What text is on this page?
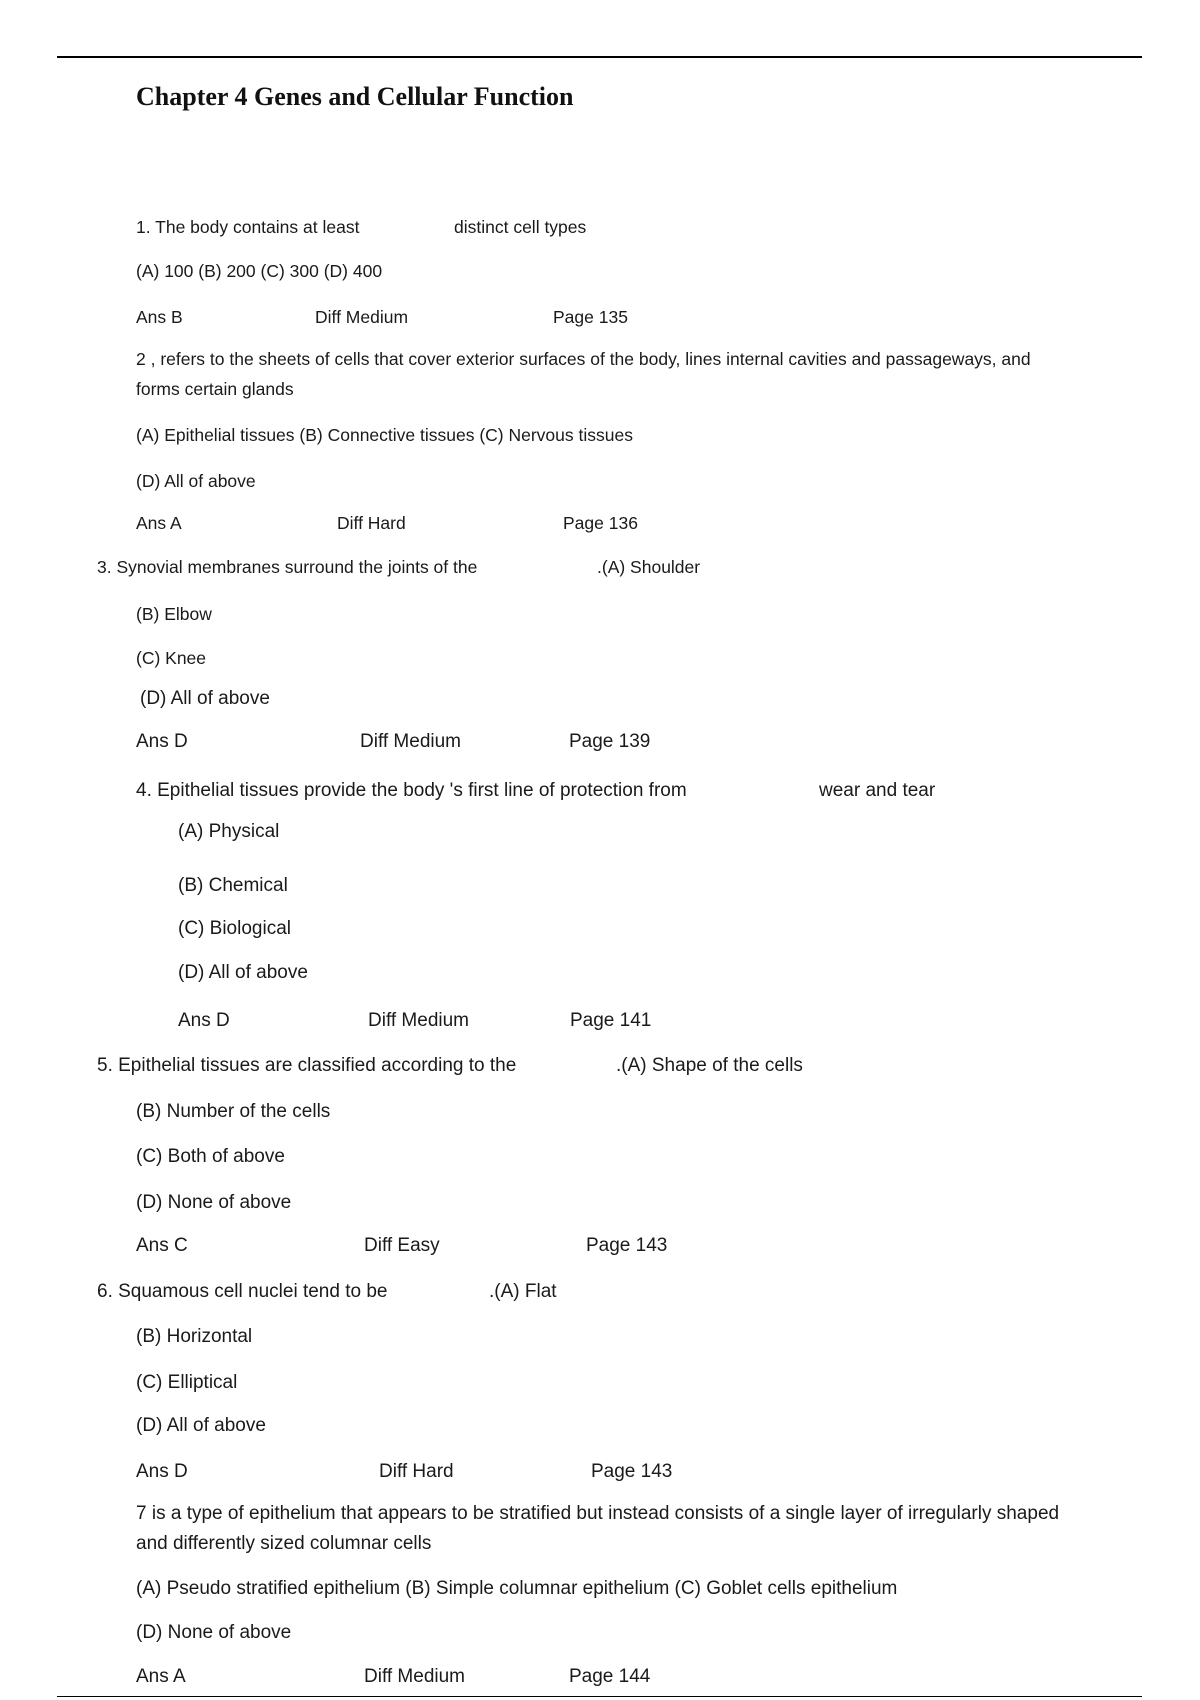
Chapter 4 Genes and Cellular Function
1. The body contains at least	distinct cell types
(A) 100 (B) 200 (C) 300 (D) 400
Ans B	Diff Medium	Page 135
2 , refers to the sheets of cells that cover exterior surfaces of the body, lines internal cavities and passageways, and forms certain glands
(A) Epithelial tissues (B) Connective tissues (C) Nervous tissues
(D) All of above
Ans A	Diff Hard	Page 136
3. Synovial membranes surround the joints of the	.(A) Shoulder
(B) Elbow
(C) Knee
(D) All of above
Ans D	Diff Medium	Page 139
4. Epithelial tissues provide the body 's first line of protection from	wear and tear
(A) Physical
(B) Chemical
(C) Biological
(D) All of above
Ans D	Diff Medium	Page 141
5. Epithelial tissues are classified according to the	.(A) Shape of the cells
(B) Number of the cells
(C) Both of above
(D) None of above
Ans C	Diff Easy	Page 143
6. Squamous cell nuclei tend to be	.(A) Flat
(B) Horizontal
(C) Elliptical
(D) All of above
Ans D	Diff Hard	Page 143
7 is a type of epithelium that appears to be stratified but instead consists of a single layer of irregularly shaped and differently sized columnar cells
(A) Pseudo stratified epithelium (B) Simple columnar epithelium (C) Goblet cells epithelium
(D) None of above
Ans A	Diff Medium	Page 144
